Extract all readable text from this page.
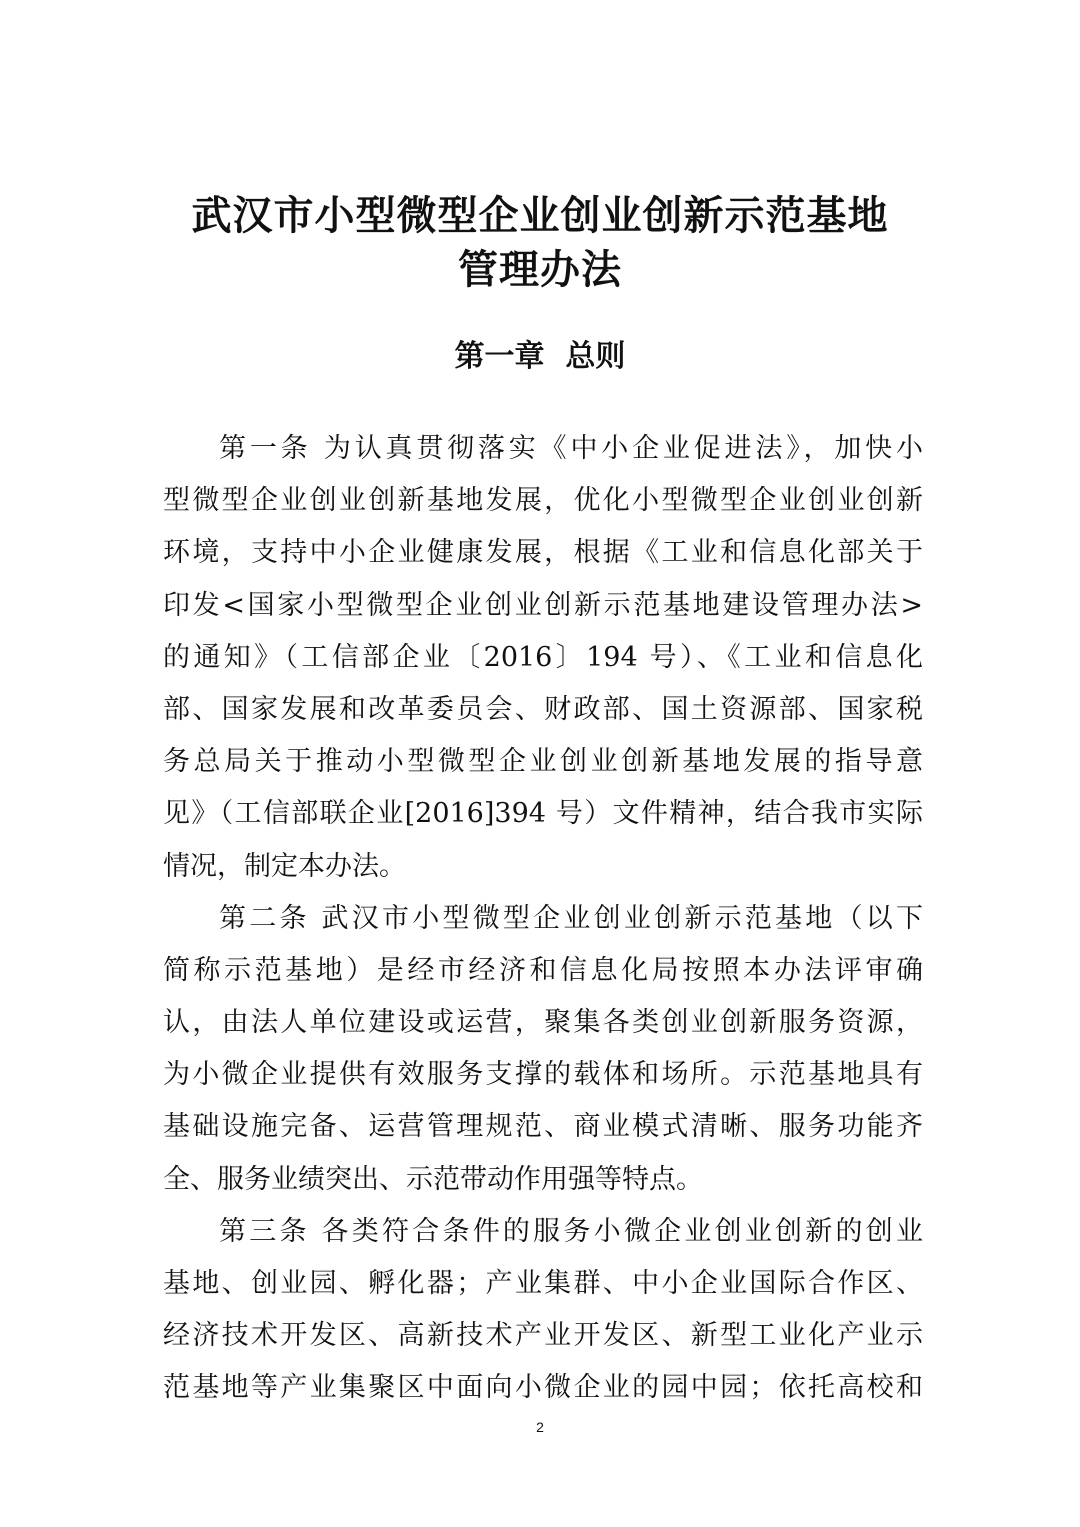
武汉市小型微型企业创业创新示范基地
管理办法
第一章  总则
第一条 为认真贯彻落实《中小企业促进法》，加快小
型微型企业创业创新基地发展，优化小型微型企业创业创新
环境，支持中小企业健康发展，根据《工业和信息化部关于
印发<国家小型微型企业创业创新示范基地建设管理办法>
的通知》（工信部企业〔2016〕194 号）、《工业和信息化
部、国家发展和改革委员会、财政部、国土资源部、国家税
务总局关于推动小型微型企业创业创新基地发展的指导意
见》（工信部联企业[2016]394 号）文件精神，结合我市实际
情况，制定本办法。
第二条 武汉市小型微型企业创业创新示范基地（以下
简称示范基地）是经市经济和信息化局按照本办法评审确
认，由法人单位建设或运营，聚集各类创业创新服务资源，
为小微企业提供有效服务支撑的载体和场所。示范基地具有
基础设施完备、运营管理规范、商业模式清晰、服务功能齐
全、服务业绩突出、示范带动作用强等特点。
第三条 各类符合条件的服务小微企业创业创新的创业
基地、创业园、孵化器；产业集群、中小企业国际合作区、
经济技术开发区、高新技术产业开发区、新型工业化产业示
范基地等产业集聚区中面向小微企业的园中园；依托高校和
2
